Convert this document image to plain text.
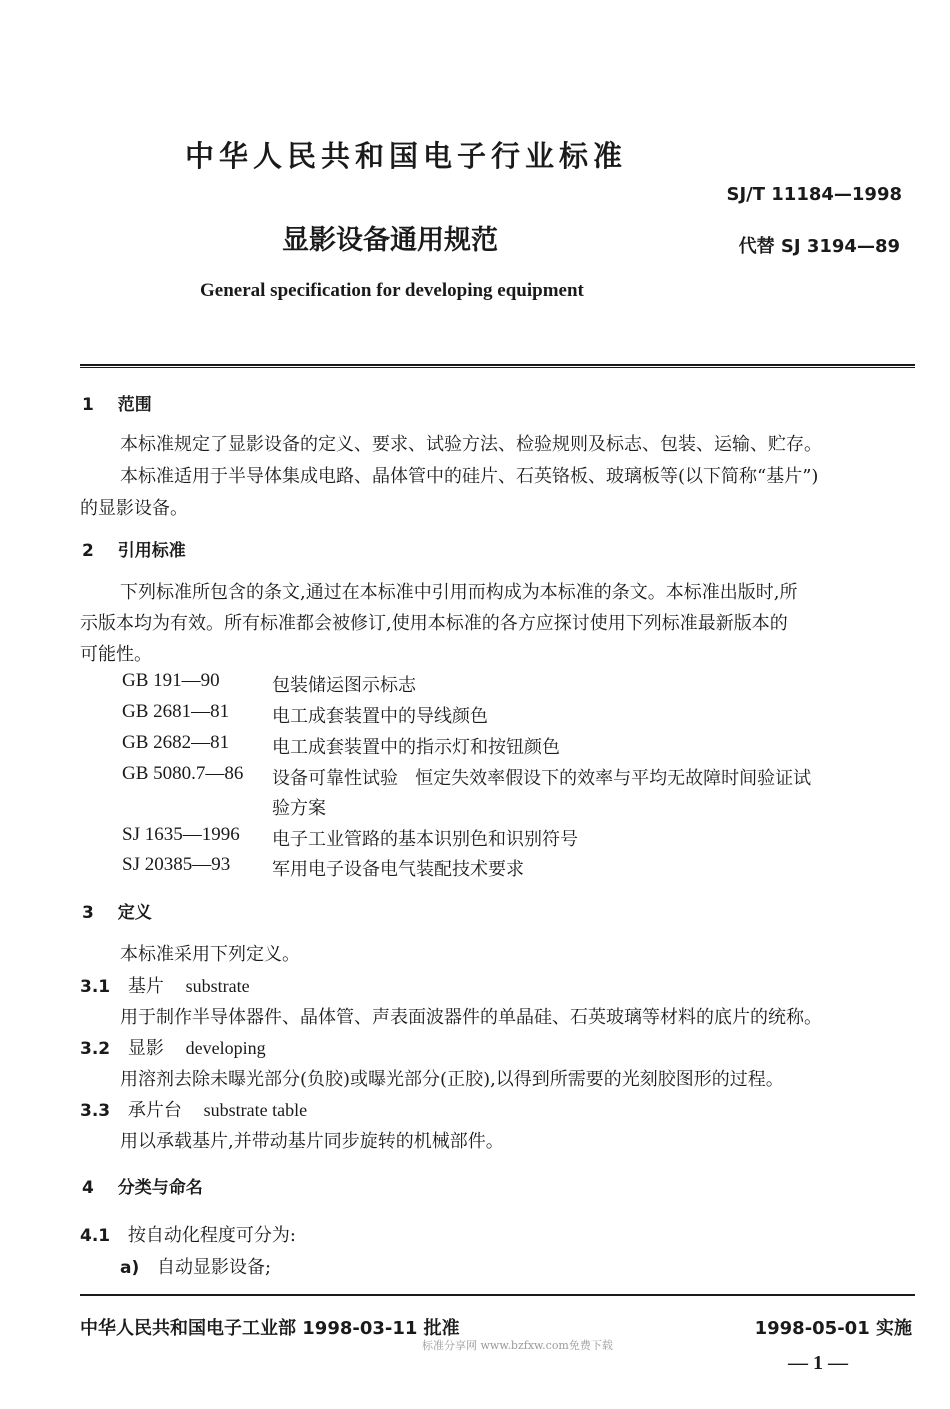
中华人民共和国电子行业标准
SJ/T 11184—1998
显影设备通用规范	代替 SJ 3194—89
General specification for developing equipment
1 范围
本标准规定了显影设备的定义、要求、试验方法、检验规则及标志、包装、运输、贮存。
本标准适用于半导体集成电路、晶体管中的硅片、石英铬板、玻璃板等(以下简称“基片”)
的显影设备。
2 引用标准
下列标准所包含的条文,通过在本标准中引用而构成为本标准的条文。本标准出版时,所
示版本均为有效。所有标准都会被修订,使用本标准的各方应探讨使用下列标准最新版本的
可能性。
GB 191—90	包装储运图示标志
GB 2681—81 电工成套装置中的导线颜色
GB 2682—81 电工成套装置中的指示灯和按钮颜色
GB 5080.7—86 设备可靠性试验   恒定失效率假设下的效率与平均无故障时间验证试
验方案
SJ 1635—1996 电子工业管路的基本识别色和识别符号
SJ 20385—93 军用电子设备电气装配技术要求
3 定义
本标准采用下列定义。
3.1 基片 substrate
用于制作半导体器件、晶体管、声表面波器件的单晶硅、石英玻璃等材料的底片的统称。
3.2 显影 developing
用溶剂去除未曝光部分(负胶)或曝光部分(正胶),以得到所需要的光刻胶图形的过程。
3.3 承片台 substrate table
用以承载基片,并带动基片同步旋转的机械部件。
4 分类与命名
4.1 按自动化程度可分为:
a) 自动显影设备;
中华人民共和国电子工业部 1998-03-11 批准	1998-05-01 实施
标准分享网 www.bzfxw.com免费下载
— 1 —
